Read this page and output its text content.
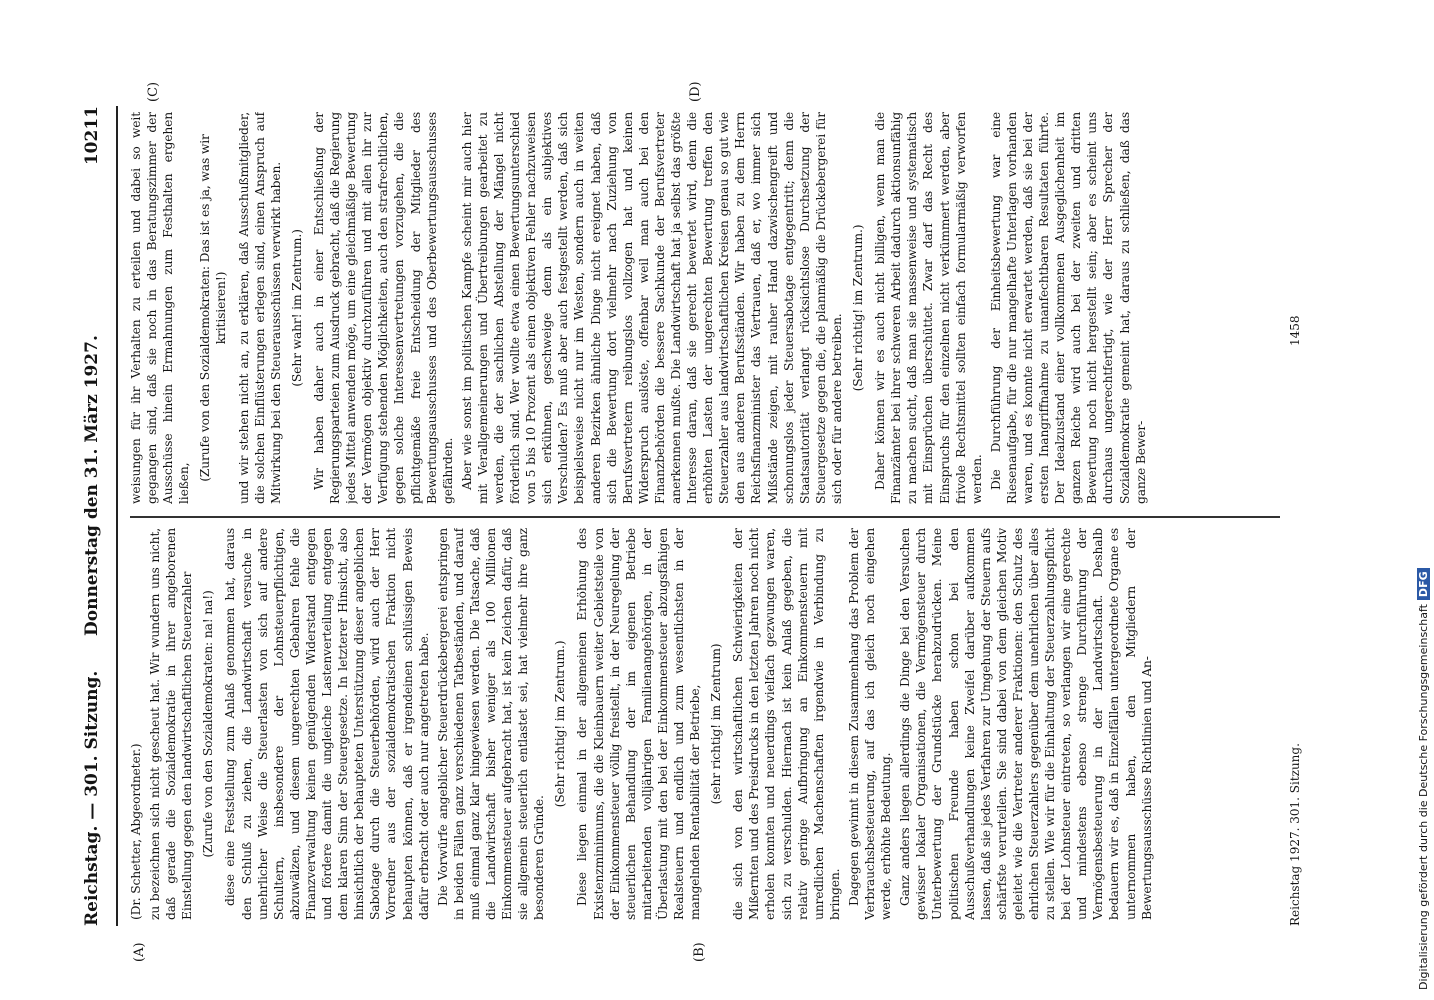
Reichstag. — 301. Sitzung.
Donnerstag den 31. März 1927.
10211
(A)	(B)
(C)	(D)

(Dr. Schetter, Abgeordneter.) zu bezeichnen sich nicht gescheut hat. Wir wundern uns nicht, daß gerade die Sozialdemokratie in ihrer angeborenen Einstellung gegen den landwirtschaftlichen Steuerzahler (Zurufe von den Sozialdemokraten: na! na!) diese eine Feststellung zum Anlaß genommen hat, daraus den Schluß zu ziehen, die Landwirtschaft versuche in unehrlicher Weise die Steuerlasten von sich auf andere Schultern, insbesondere der Lohnsteuerpflichtigen, abzuwälzen, und diesem ungerechten Gebahren fehle die Finanzverwaltung keinen genügenden Widerstand entgegen und fördere damit die ungleiche Lastenverteilung entgegen dem klaren Sinn der Steuergesetze. In letzterer Hinsicht, also hinsichtlich der behaupteten Unterstützung dieser angeblichen Sabotage durch die Steuerbehörden, wird auch der Herr Vorredner aus der sozialdemokratischen Fraktion nicht behaupten können, daß er irgendeinen schlüssigen Beweis dafür erbracht oder auch nur angetreten habe. Die Vorwürfe angeblicher Steuerdrückebergerei entspringen in beiden Fällen ganz verschiedenen Tatbeständen, und darauf muß einmal ganz klar hingewiesen werden. Die Tatsache, daß die Landwirtschaft bisher weniger als 100 Millionen Einkommensteuer aufgebracht hat, ist kein Zeichen dafür, daß sie allgemein steuerlich entlastet sei, hat vielmehr ihre ganz besonderen Gründe.

(Sehr richtig! im Zentrum.) Diese liegen einmal in der allgemeinen Erhöhung des Existenzminimums, die die Kleinbauern weiter Gebietsteile von der Einkommensteuer völlig freistellt, in der Neuregelung der steuerlichen Behandlung der im eigenen Betriebe mitarbeitenden volljährigen Familienangehörigen, in der Überlastung mit den bei der Einkommensteuer abzugsfähigen Realsteuern und endlich und zum wesentlichsten in der mangelnden Rentabilität der Betriebe, (sehr richtig! im Zentrum) die sich von den wirtschaftlichen Schwierigkeiten der Mißernten und des Preisdrucks in den letzten Jahren noch nicht erholen konnten und neuerdings vielfach gezwungen waren, sich zu verschulden. Hiernach ist kein Anlaß gegeben, die relativ geringe Aufbringung an Einkommensteuern mit unredlichen Machenschaften irgendwie in Verbindung zu bringen. Dagegen gewinnt in diesem Zusammenhang das Problem der Verbrauchsbesteuerung, auf das ich gleich noch eingehen werde, erhöhte Bedeutung. Ganz anders liegen allerdings die Dinge bei den Versuchen gewisser lokaler Organisationen, die Vermögensteuer durch Unterbewertung der Grundstücke herabzudrücken. Meine politischen Freunde haben schon bei den Ausschußverhandlungen keine Zweifel darüber aufkommen lassen, daß sie jedes Verfahren zur Umgehung der Steuern aufs schärfste verurteilen. Sie sind dabei von dem gleichen Motiv geleitet wie die Vertreter anderer Fraktionen: den Schutz des ehrlichen Steuerzahlers gegenüber dem unehrlichen über alles zu stellen. Wie wir für die Einhaltung der Steuerzahlungspflicht bei der Lohnsteuer eintreten, so verlangen wir eine gerechte und mindestens ebenso strenge Durchführung der Vermögensbesteuerung in der Landwirtschaft. Deshalb bedauern wir es, daß in Einzelfällen untergeordnete Organe es unternommen haben, den Mitgliedern der Bewertungsausschüsse Richtlinien und An-

weisungen für ihr Verhalten zu erteilen und dabei so weit gegangen sind, daß sie noch in das Beratungszimmer der Ausschüsse hinein Ermahnungen zum Festhalten ergehen ließen,

(Zurufe von den Sozialdemokraten: Das ist es ja, was wir kritisieren!) und wir stehen nicht an, zu erklären, daß Ausschußmitglieder, die solchen Einflüsterungen erlegen sind, einen Anspruch auf Mitwirkung bei den Steuerausschüssen verwirkt haben. (Sehr wahr! im Zentrum.) Wir haben daher auch in einer Entschließung der Regierungsparteien zum Ausdruck gebracht, daß die Regierung jedes Mittel anwenden möge, um eine gleichmäßige Bewertung der Vermögen objektiv durchzuführen und mit allen ihr zur Verfügung stehenden Möglichkeiten, auch den strafrechtlichen, gegen solche Interessenvertretungen vorzugehen, die die pflichtgemäße freie Entscheidung der Mitglieder des Bewertungsausschusses und des Oberbewertungsausschusses gefährden. Aber wie sonst im politischen Kampfe scheint mir auch hier mit Verallgemeinerungen und Übertreibungen gearbeitet zu werden, die der sachlichen Abstellung der Mängel nicht förderlich sind. Wer wollte etwa einen Bewertungsunterschied von 5 bis 10 Prozent als einen objektiven Fehler nachzuweisen sich erkühnen, geschweige denn als ein subjektives Verschulden? Es muß aber auch festgestellt werden, daß sich beispielsweise nicht nur im Westen, sondern auch in weiten anderen Bezirken ähnliche Dinge nicht ereignet haben, daß sich die Bewertung dort vielmehr nach Zuziehung von Berufsvertretern reibungslos vollzogen hat und keinen Widerspruch auslöste, offenbar weil man auch bei den Finanzbehörden die bessere Sachkunde der Berufsvertreter anerkennen mußte. Die Landwirtschaft hat ja selbst das größte Interesse daran, daß sie gerecht bewertet wird, denn die erhöhten Lasten der ungerechten Bewertung treffen den Steuerzahler aus landwirtschaftlichen Kreisen genau so gut wie den aus anderen Berufsständen. Wir haben zu dem Herrn Reichsfinanzminister das Vertrauen, daß er, wo immer sich Mißstände zeigen, mit rauher Hand dazwischengreift und schonungslos jeder Steuersabotage entgegentritt; denn die Staatsautorität verlangt rücksichtslose Durchsetzung der Steuergesetze gegen die, die planmäßig die Drückebergerei für sich oder für andere betreiben.

(Sehr richtig! im Zentrum.) Daher können wir es auch nicht billigen, wenn man die Finanzämter bei ihrer schweren Arbeit dadurch aktionsunfähig zu machen sucht, daß man sie massenweise und systematisch mit Einsprüchen überschüttet. Zwar darf das Recht des Einspruchs für den einzelnen nicht verkümmert werden, aber frivole Rechtsmittel sollten einfach formularmäßig verworfen werden. Die Durchführung der Einheitsbewertung war eine Riesenaufgabe, für die nur mangelhafte Unterlagen vorhanden waren, und es konnte nicht erwartet werden, daß sie bei der ersten Inangriffnahme zu unanfechtbaren Resultaten führte. Der Idealzustand einer vollkommenen Ausgeglichenheit im ganzen Reiche wird auch bei der zweiten und dritten Bewertung noch nicht hergestellt sein; aber es scheint uns durchaus ungerechtfertigt, wie der Herr Sprecher der Sozialdemokratie gemeint hat, daraus zu schließen, daß das ganze Bewer-

Reichstag 1927. 301. Sitzung.
1458
Digitalisierung gefördert durch die Deutsche ForschungsgemeinschaftDFG
